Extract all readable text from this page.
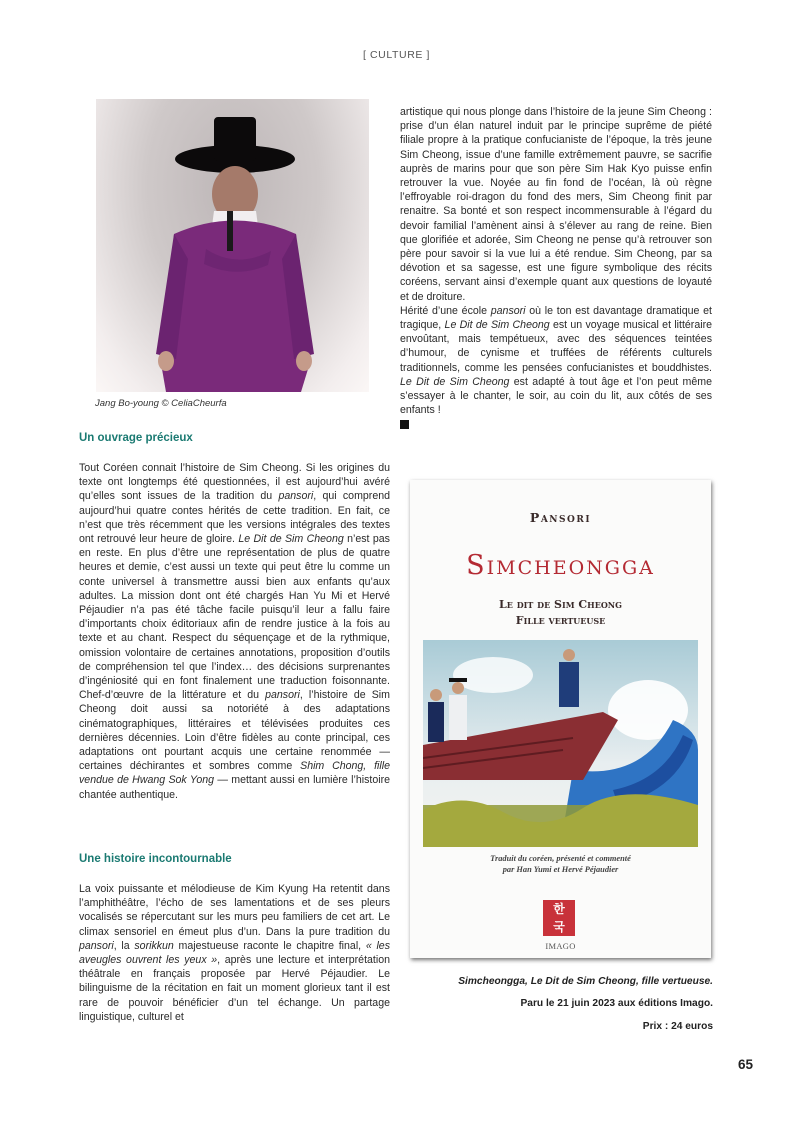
[ CULTURE ]
Jang Bo-young © CeliaCheurfa
Un ouvrage précieux

Tout Coréen connait l’histoire de Sim Cheong. Si les origines du texte ont longtemps été questionnées, il est aujourd’hui avéré qu’elles sont issues de la tradition du pansori, qui comprend aujourd’hui quatre contes hérités de cette tradition. En fait, ce n’est que très récemment que les versions intégrales des textes ont retrouvé leur heure de gloire. Le Dit de Sim Cheong n’est pas en reste. En plus d’être une représentation de plus de quatre heures et demie, c’est aussi un texte qui peut être lu comme un conte universel à transmettre aussi bien aux enfants qu’aux adultes. La mission dont ont été chargés Han Yu Mi et Hervé Péjaudier n’a pas été tâche facile puisqu’il leur a fallu faire d’importants choix éditoriaux afin de rendre justice à la fois au texte et au chant. Respect du séquençage et de la rythmique, omission volontaire de certaines annotations, proposition d’outils de compréhension tel que l’index… des décisions surprenantes d’ingéniosité qui en font finalement une traduction foisonnante. Chef-d’œuvre de la littérature et du pansori, l’histoire de Sim Cheong doit aussi sa notoriété à des adaptations cinématographiques, littéraires et télévisées produites ces dernières décennies. Loin d’être fidèles au conte principal, ces adaptations ont pourtant acquis une certaine renommée — certaines déchirantes et sombres comme Shim Chong, fille vendue de Hwang Sok Yong — mettant aussi en lumière l’histoire chantée authentique.

Une histoire incontournable

La voix puissante et mélodieuse de Kim Kyung Ha retentit dans l’amphithéâtre, l’écho de ses lamentations et de ses pleurs vocalisés se répercutant sur les murs peu familiers de cet art. Le climax sensoriel en émeut plus d’un. Dans la pure tradition du pansori, la sorikkun majestueuse raconte le chapitre final, « les aveugles ouvrent les yeux », après une lecture et interprétation théâtrale en français proposée par Hervé Péjaudier. Le bilinguisme de la récitation en fait un moment glorieux tant il est rare de pouvoir bénéficier d’un tel échange. Un partage linguistique, culturel et

artistique qui nous plonge dans l’histoire de la jeune Sim Cheong : prise d’un élan naturel induit par le principe suprême de piété filiale propre à la pratique confucianiste de l’époque, la très jeune Sim Cheong, issue d’une famille extrêmement pauvre, se sacrifie auprès de marins pour que son père Sim Hak Kyo puisse enfin retrouver la vue. Noyée au fin fond de l’océan, là où règne l’effroyable roi-dragon du fond des mers, Sim Cheong finit par renaitre. Sa bonté et son respect incommensurable à l’égard du devoir familial l’amènent ainsi à s’élever au rang de reine. Bien que glorifiée et adorée, Sim Cheong ne pense qu’à retrouver son père pour savoir si la vue lui a été rendue. Sim Cheong, par sa dévotion et sa sagesse, est une figure symbolique des récits coréens, servant ainsi d’exemple quant aux questions de loyauté et de droiture.

Hérité d’une école pansori où le ton est davantage dramatique et tragique, Le Dit de Sim Cheong est un voyage musical et littéraire envoûtant, mais tempétueux, avec des séquences teintées d’humour, de cynisme et truffées de référents culturels traditionnels, comme les pensées confucianistes et bouddhistes. Le Dit de Sim Cheong est adapté à tout âge et l’on peut même s’essayer à le chanter, le soir, au coin du lit, aux côtés de ses enfants !

Pansori
Simcheongga
Le dit de Sim Cheong
Fille vertueuse
Traduit du coréen, présenté et commenté
par Han Yumi et Hervé Péjaudier
한국
IMAGO
Simcheongga, Le Dit de Sim Cheong, fille vertueuse.
Paru le 21 juin 2023 aux éditions Imago.
Prix : 24 euros
65
